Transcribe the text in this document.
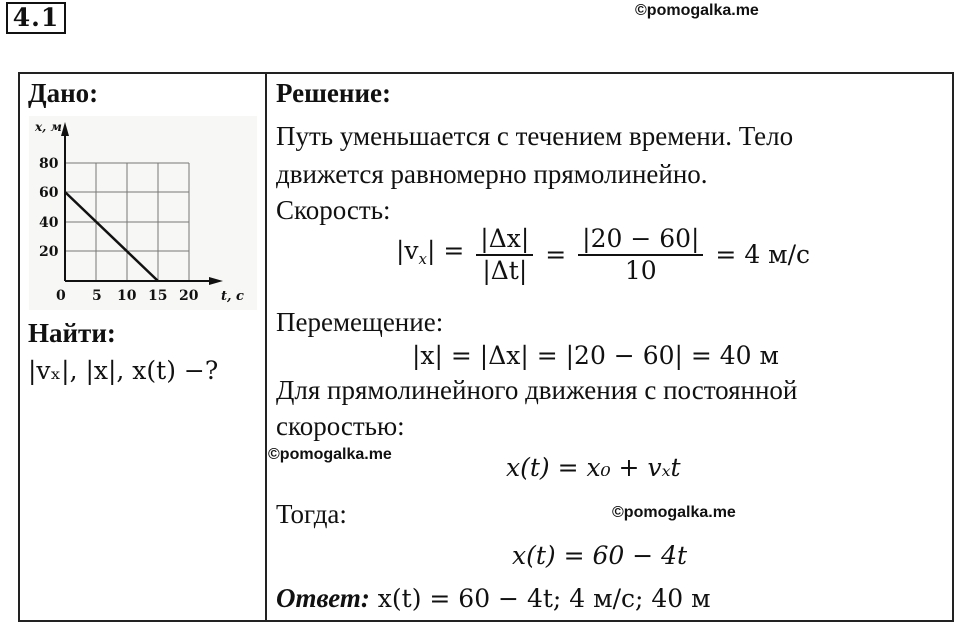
4.1	©pomogalka.me
Дано:
x, м
80
60
40
20
0 5 10 15 20 t, с
Найти:
|vₓ|, |x|, x(t) −?
Решение:
Путь уменьшается с течением времени. Тело
движется равномерно прямолинейно.
Скорость:
$|v_x| = \frac{|\Delta x|}{|\Delta t|} = \frac{|20 - 60|}{10} = 4$ м/с
Перемещение:
|x| = |Δx| = |20 − 60| = 40 м
Для прямолинейного движения с постоянной
скоростью:
©pomogalka.me	x(t) = x₀ + vₓt
Тогда:	©pomogalka.me
x(t) = 60 − 4t
Ответ: x(t) = 60 − 4t; 4 м/с; 40 м
